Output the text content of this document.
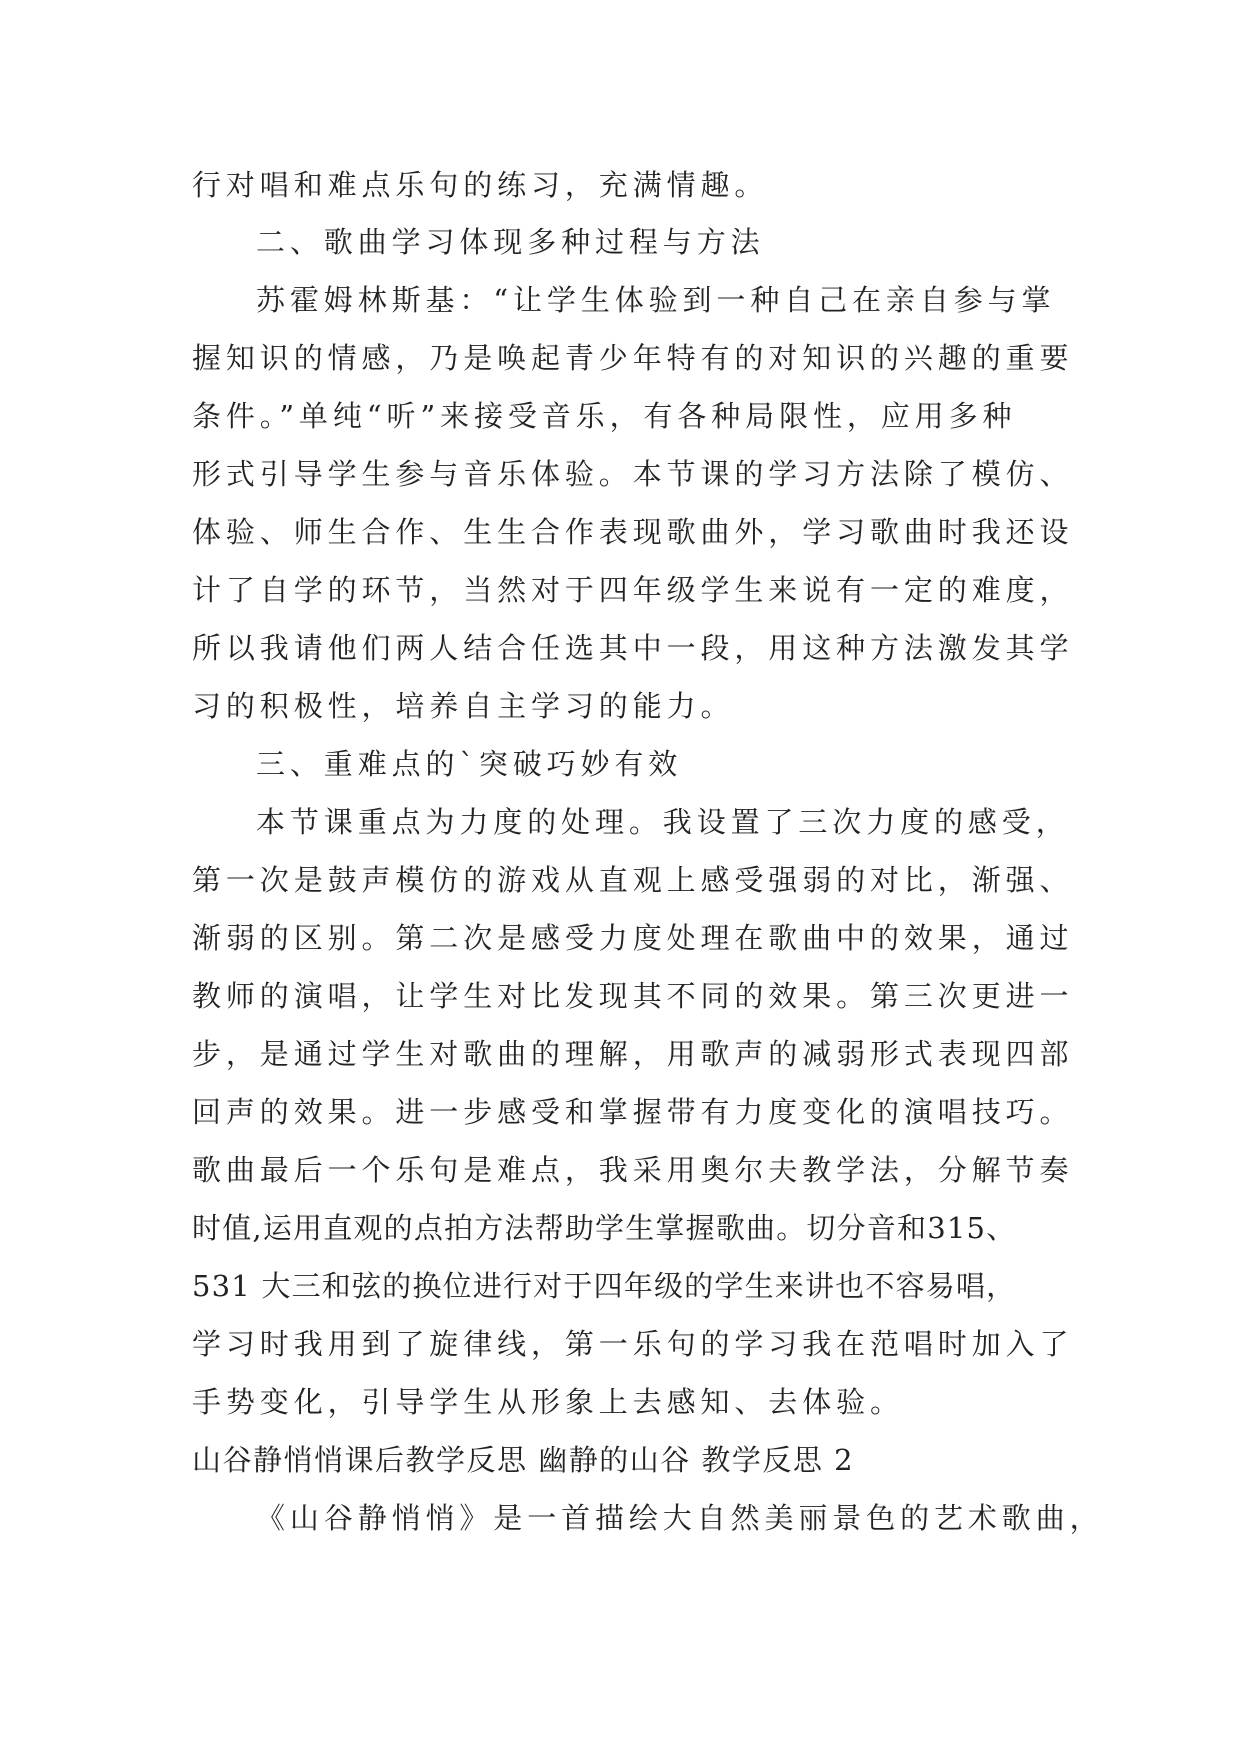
行对唱和难点乐句的练习，充满情趣。
二、歌曲学习体现多种过程与方法
苏霍姆林斯基：“让学生体验到一种自己在亲自参与掌
握知识的情感，乃是唤起青少年特有的对知识的兴趣的重要
条件。”单纯“听”来接受音乐，有各种局限性，应用多种
形式引导学生参与音乐体验。本节课的学习方法除了模仿、
体验、师生合作、生生合作表现歌曲外，学习歌曲时我还设
计了自学的环节，当然对于四年级学生来说有一定的难度，
所以我请他们两人结合任选其中一段，用这种方法激发其学
习的积极性，培养自主学习的能力。
三、重难点的`突破巧妙有效
本节课重点为力度的处理。我设置了三次力度的感受，
第一次是鼓声模仿的游戏从直观上感受强弱的对比，渐强、
渐弱的区别。第二次是感受力度处理在歌曲中的效果，通过
教师的演唱，让学生对比发现其不同的效果。第三次更进一
步，是通过学生对歌曲的理解，用歌声的减弱形式表现四部
回声的效果。进一步感受和掌握带有力度变化的演唱技巧。
歌曲最后一个乐句是难点，我采用奥尔夫教学法，分解节奏
时值,运用直观的点拍方法帮助学生掌握歌曲。切分音和315、
531 大三和弦的换位进行对于四年级的学生来讲也不容易唱，
学习时我用到了旋律线，第一乐句的学习我在范唱时加入了
手势变化，引导学生从形象上去感知、去体验。
山谷静悄悄课后教学反思 幽静的山谷 教学反思 2
《山谷静悄悄》是一首描绘大自然美丽景色的艺术歌曲，
